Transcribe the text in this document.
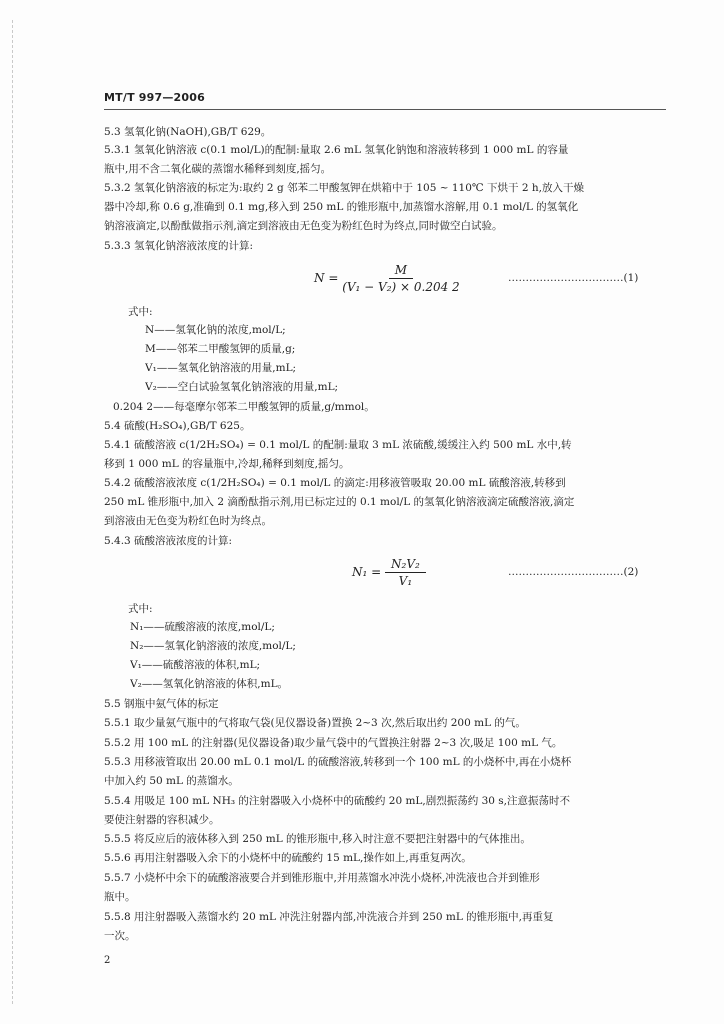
MT/T 997—2006
5.3 氢氧化钠(NaOH),GB/T 629。
5.3.1 氢氧化钠溶液 c(0.1 mol/L)的配制:量取 2.6 mL 氢氧化钠饱和溶液转移到 1 000 mL 的容量
瓶中,用不含二氧化碳的蒸馏水稀释到刻度,摇匀。
5.3.2 氢氧化钠溶液的标定为:取约 2 g 邻苯二甲酸氢钾在烘箱中于 105 ~ 110℃ 下烘干 2 h,放入干燥
器中冷却,称 0.6 g,准确到 0.1 mg,移入到 250 mL 的锥形瓶中,加蒸馏水溶解,用 0.1 mol/L 的氢氧化
钠溶液滴定,以酚酞做指示剂,滴定到溶液由无色变为粉红色时为终点,同时做空白试验。
5.3.3 氢氧化钠溶液浓度的计算:
$N = \frac{M}{\text{(V₁ − V₂) × 0.204 2}}$	……………………………(1)
式中:
N——氢氧化钠的浓度,mol/L;
M——邻苯二甲酸氢钾的质量,g;
V₁——氢氧化钠溶液的用量,mL;
V₂——空白试验氢氧化钠溶液的用量,mL;
0.204 2——每毫摩尔邻苯二甲酸氢钾的质量,g/mmol。
5.4 硫酸(H₂SO₄),GB/T 625。
5.4.1 硫酸溶液 c(1/2H₂SO₄) = 0.1 mol/L 的配制:量取 3 mL 浓硫酸,缓缓注入约 500 mL 水中,转
移到 1 000 mL 的容量瓶中,冷却,稀释到刻度,摇匀。
5.4.2 硫酸溶液浓度 c(1/2H₂SO₄) = 0.1 mol/L 的滴定:用移液管吸取 20.00 mL 硫酸溶液,转移到
250 mL 锥形瓶中,加入 2 滴酚酞指示剂,用已标定过的 0.1 mol/L 的氢氧化钠溶液滴定硫酸溶液,滴定
到溶液由无色变为粉红色时为终点。
5.4.3 硫酸溶液浓度的计算:
$N_1 = \frac{\text{N₂V₂}}{\text{V₁}}$	……………………………(2)
式中:
N₁——硫酸溶液的浓度,mol/L;
N₂——氢氧化钠溶液的浓度,mol/L;
V₁——硫酸溶液的体积,mL;
V₂——氢氧化钠溶液的体积,mL。
5.5 钢瓶中氨气体的标定
5.5.1 取少量氨气瓶中的气将取气袋(见仪器设备)置换 2~3 次,然后取出约 200 mL 的气。
5.5.2 用 100 mL 的注射器(见仪器设备)取少量气袋中的气置换注射器 2~3 次,吸足 100 mL 气。
5.5.3 用移液管取出 20.00 mL 0.1 mol/L 的硫酸溶液,转移到一个 100 mL 的小烧杯中,再在小烧杯
中加入约 50 mL 的蒸馏水。
5.5.4 用吸足 100 mL NH₃ 的注射器吸入小烧杯中的硫酸约 20 mL,剧烈振荡约 30 s,注意振荡时不
要使注射器的容积减少。
5.5.5 将反应后的液体移入到 250 mL 的锥形瓶中,移入时注意不要把注射器中的气体推出。
5.5.6 再用注射器吸入余下的小烧杯中的硫酸约 15 mL,操作如上,再重复两次。
5.5.7 小烧杯中余下的硫酸溶液要合并到锥形瓶中,并用蒸馏水冲洗小烧杯,冲洗液也合并到锥形
瓶中。
5.5.8 用注射器吸入蒸馏水约 20 mL 冲洗注射器内部,冲洗液合并到 250 mL 的锥形瓶中,再重复
一次。
2
